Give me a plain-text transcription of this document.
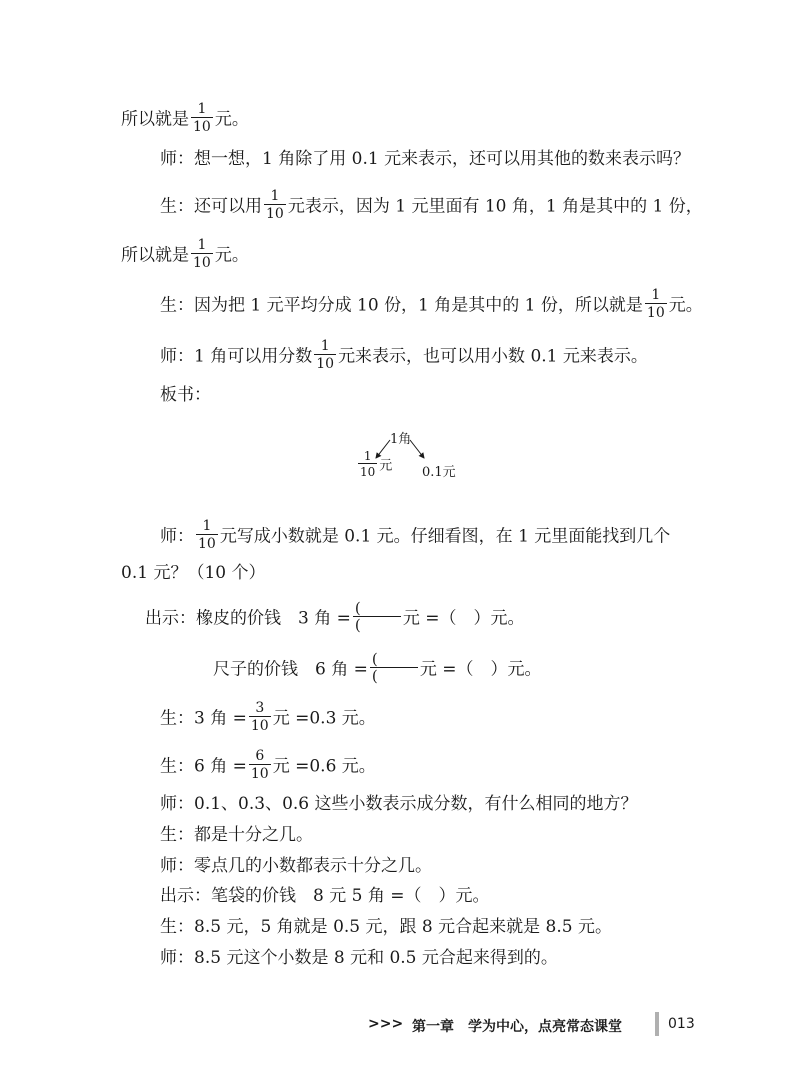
所以就是 $\frac{1}{10}$ 元。
师：想一想，1 角除了用 0.1 元来表示，还可以用其他的数来表示吗？
生：还可以用 $\frac{1}{10}$ 元表示，因为 1 元里面有 10 角，1 角是其中的 1 份，
所以就是 $\frac{1}{10}$ 元。
生：因为把 1 元平均分成 10 份，1 角是其中的 1 份，所以就是 $\frac{1}{10}$ 元。
师：1 角可以用分数 $\frac{1}{10}$ 元来表示，也可以用小数 0.1 元来表示。
板书：
1角
$\frac{1}{10}$ 元 0.1元
师： $\frac{1}{10}$ 元写成小数就是 0.1 元。仔细看图，在 1 元里面能找到几个
0.1 元？（10 个）
出示：橡皮的价钱　3 角 = $\frac{(}{(}$ 元 =（　）元。
尺子的价钱　6 角 = $\frac{(}{(}$ 元 =（　）元。
生：3 角 = $\frac{3}{10}$ 元 =0.3 元。
生：6 角 = $\frac{6}{10}$ 元 =0.6 元。
师：0.1、0.3、0.6 这些小数表示成分数，有什么相同的地方？
生：都是十分之几。
师：零点几的小数都表示十分之几。
出示：笔袋的价钱　8 元 5 角 =（　）元。
生：8.5 元，5 角就是 0.5 元，跟 8 元合起来就是 8.5 元。
师：8.5 元这个小数是 8 元和 0.5 元合起来得到的。
>>> 第一章　学为中心，点亮常态课堂	013
